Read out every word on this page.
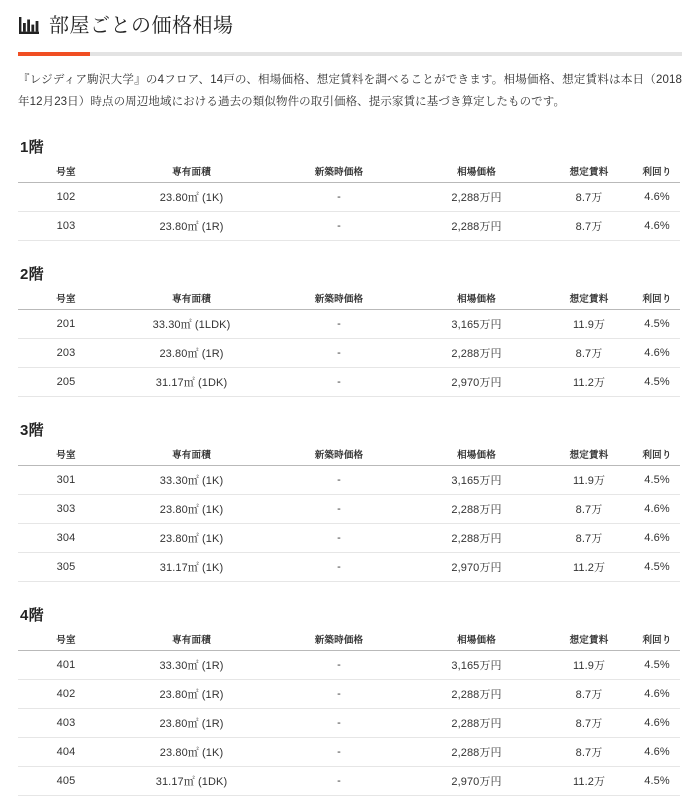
部屋ごとの価格相場

『レジディア駒沢大学』の4フロア、14戸の、相場価格、想定賃料を調べることができます。相場価格、想定賃料は本日（2018年12月23日）時点の周辺地域における過去の類似物件の取引価格、提示家賃に基づき算定したものです。

1階
号室	専有面積	新築時価格	相場価格	想定賃料	利回り
102	23.80㎡ (1K)	-	2,288万円	8.7万	4.6%
103	23.80㎡ (1R)	-	2,288万円	8.7万	4.6%
2階
号室	専有面積	新築時価格	相場価格	想定賃料	利回り
201	33.30㎡ (1LDK)	-	3,165万円	11.9万	4.5%
203	23.80㎡ (1R)	-	2,288万円	8.7万	4.6%
205	31.17㎡ (1DK)	-	2,970万円	11.2万	4.5%
3階
号室	専有面積	新築時価格	相場価格	想定賃料	利回り
301	33.30㎡ (1K)	-	3,165万円	11.9万	4.5%
303	23.80㎡ (1K)	-	2,288万円	8.7万	4.6%
304	23.80㎡ (1K)	-	2,288万円	8.7万	4.6%
305	31.17㎡ (1K)	-	2,970万円	11.2万	4.5%
4階
号室	専有面積	新築時価格	相場価格	想定賃料	利回り
401	33.30㎡ (1R)	-	3,165万円	11.9万	4.5%
402	23.80㎡ (1R)	-	2,288万円	8.7万	4.6%
403	23.80㎡ (1R)	-	2,288万円	8.7万	4.6%
404	23.80㎡ (1K)	-	2,288万円	8.7万	4.6%
405	31.17㎡ (1DK)	-	2,970万円	11.2万	4.5%
